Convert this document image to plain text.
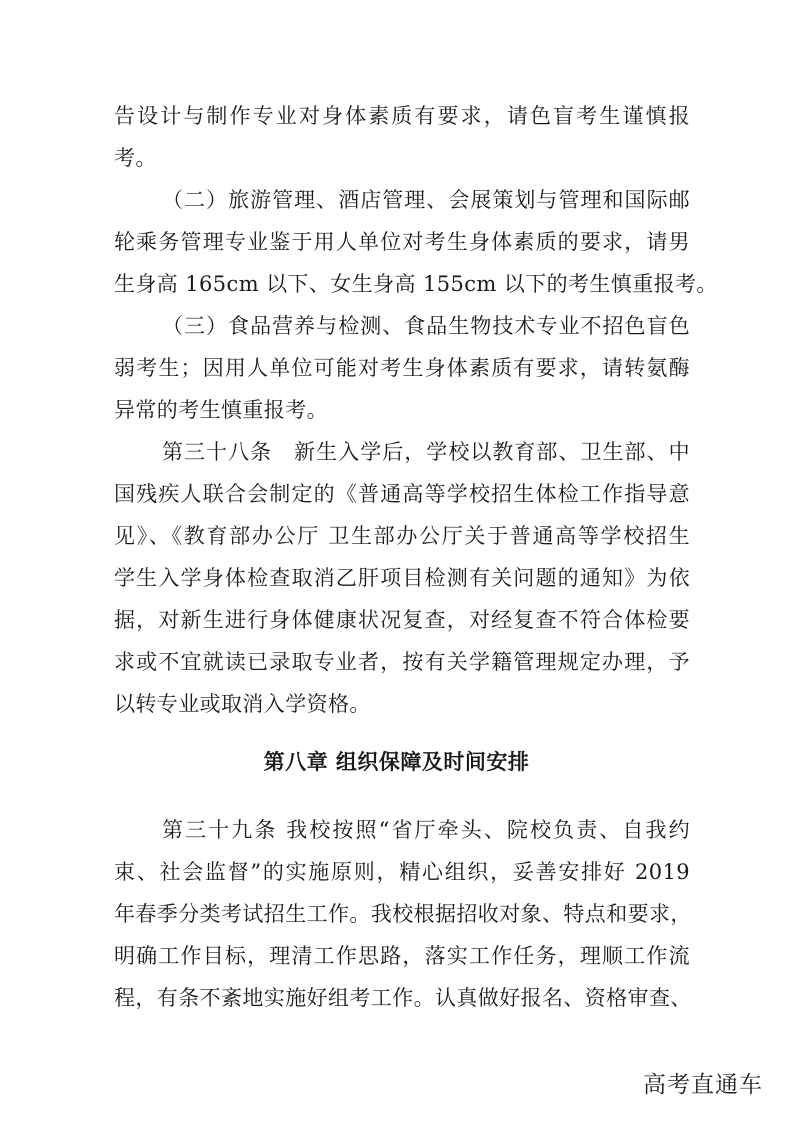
告设计与制作专业对身体素质有要求，请色盲考生谨慎报
考。
（二）旅游管理、酒店管理、会展策划与管理和国际邮
轮乘务管理专业鉴于用人单位对考生身体素质的要求，请男
生身高 165cm 以下、女生身高 155cm 以下的考生慎重报考。
（三）食品营养与检测、食品生物技术专业不招色盲色
弱考生；因用人单位可能对考生身体素质有要求，请转氨酶
异常的考生慎重报考。
第三十八条　新生入学后，学校以教育部、卫生部、中
国残疾人联合会制定的《普通高等学校招生体检工作指导意
见》、《教育部办公厅 卫生部办公厅关于普通高等学校招生
学生入学身体检查取消乙肝项目检测有关问题的通知》为依
据，对新生进行身体健康状况复查，对经复查不符合体检要
求或不宜就读已录取专业者，按有关学籍管理规定办理，予
以转专业或取消入学资格。
第八章 组织保障及时间安排
第三十九条 我校按照“省厅牵头、院校负责、自我约
束、社会监督”的实施原则，精心组织，妥善安排好 2019
年春季分类考试招生工作。我校根据招收对象、特点和要求，
明确工作目标，理清工作思路，落实工作任务，理顺工作流
程，有条不紊地实施好组考工作。认真做好报名、资格审查、
高考直通车
